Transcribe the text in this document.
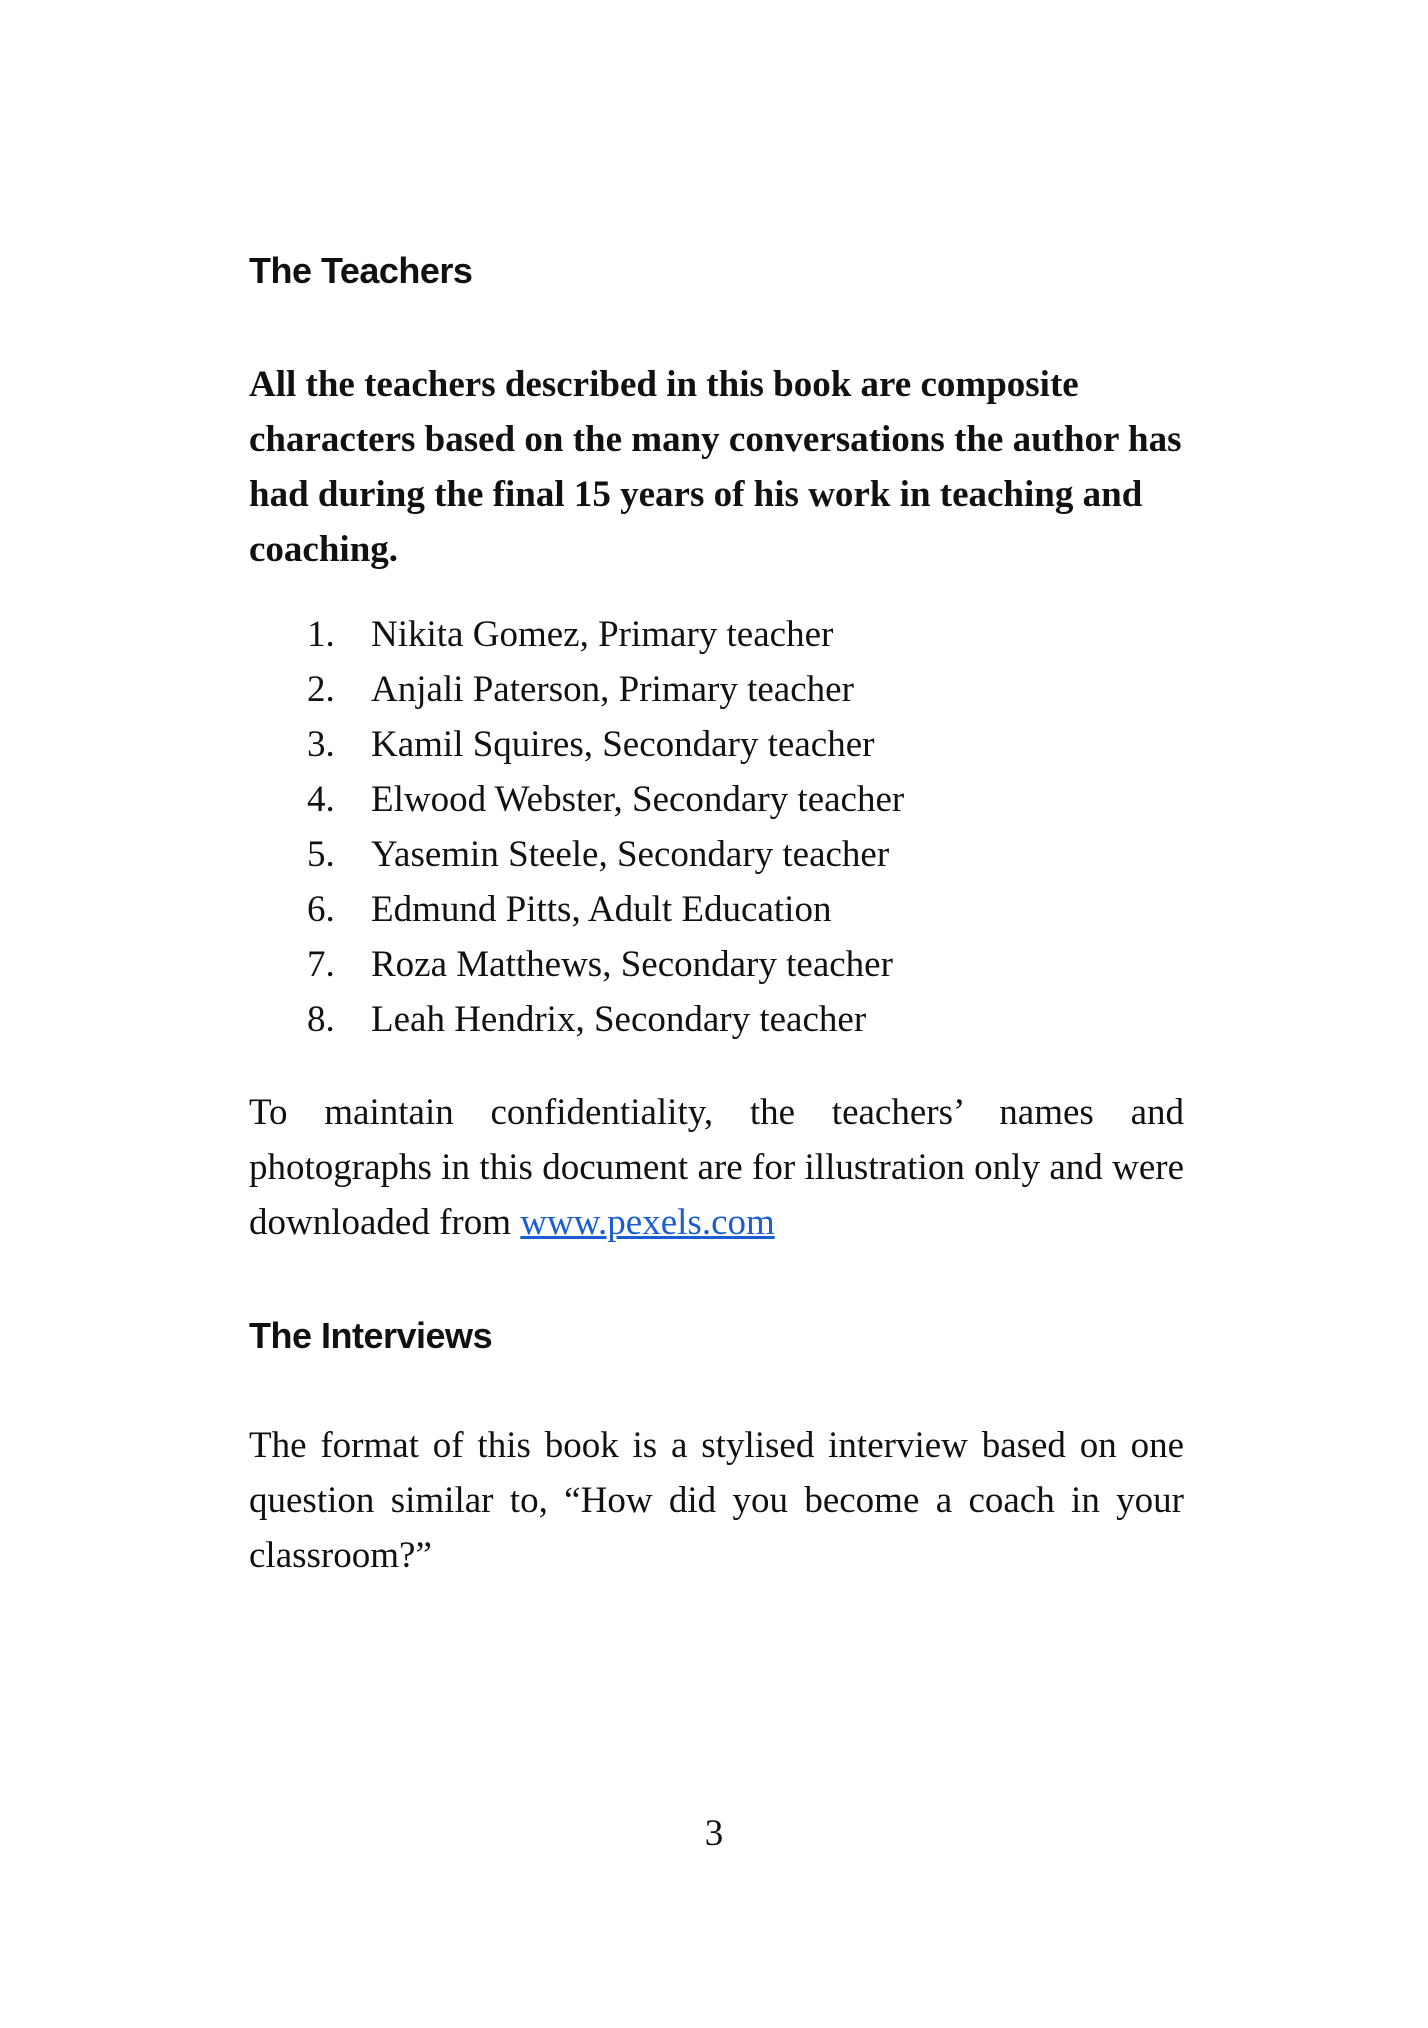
The Teachers

All the teachers described in this book are composite characters based on the many conversations the author has had during the final 15 years of his work in teaching and coaching.

1. Nikita Gomez, Primary teacher
2. Anjali Paterson, Primary teacher
3. Kamil Squires, Secondary teacher
4. Elwood Webster, Secondary teacher
5. Yasemin Steele, Secondary teacher
6. Edmund Pitts, Adult Education
7. Roza Matthews, Secondary teacher
8. Leah Hendrix, Secondary teacher

To maintain confidentiality, the teachers’ names and photographs in this document are for illustration only and were downloaded from www.pexels.com

The Interviews

The format of this book is a stylised interview based on one question similar to, “How did you become a coach in your classroom?”

3
